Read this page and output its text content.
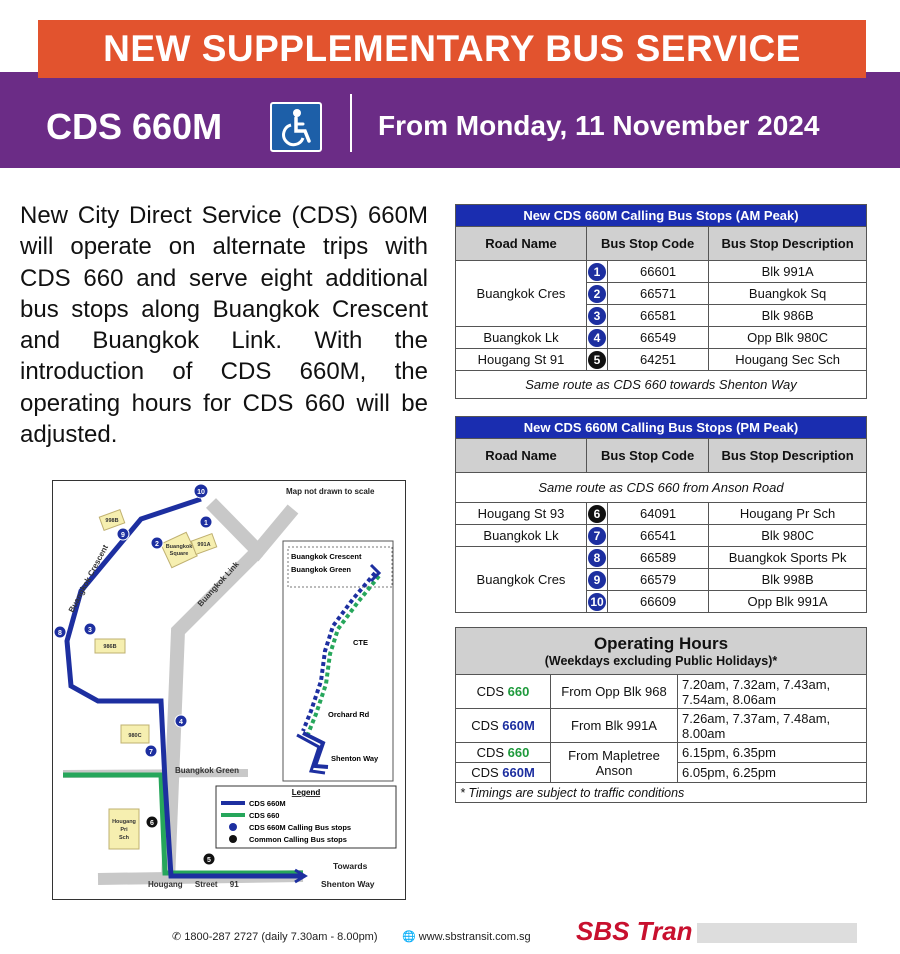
NEW SUPPLEMENTARY BUS SERVICE
CDS 660M	From Monday, 11 November 2024
New City Direct Service (CDS) 660M will operate on alternate trips with CDS 660 and serve eight additional bus stops along Buangkok Crescent and Buangkok Link. With the introduction of CDS 660M, the operating hours for CDS 660 will be adjusted.
New CDS 660M Calling Bus Stops (AM Peak)			
Road Name	Bus Stop Code		Bus Stop Description
Buangkok Cres	1	66601	Blk 991A
	2	66571	Buangkok Sq
	3	66581	Blk 986B
Buangkok Lk	4	66549	Opp Blk 980C
Hougang St 91	5	64251	Hougang Sec Sch
Same route as CDS 660 towards Shenton Way			
New CDS 660M Calling Bus Stops (PM Peak)			
Road Name	Bus Stop Code		Bus Stop Description
Same route as CDS 660 from Anson Road			
Hougang St 93	6	64091	Hougang Pr Sch
Buangkok Lk	7	66541	Blk 980C
Buangkok Cres	8	66589	Buangkok Sports Pk
	9	66579	Blk 998B
	10	66609	Opp Blk 991A
Operating Hours
(Weekdays excluding Public Holidays)*		

CDS 660	From Opp Blk 968	7.20am, 7.32am, 7.43am, 7.54am, 8.06am
CDS 660M	From Blk 991A	7.26am, 7.37am, 7.48am, 8.00am
CDS 660	From Mapletree Anson	6.15pm, 6.35pm
CDS 660M		6.05pm, 6.25pm
* Timings are subject to traffic conditions		
998B
Buangkok
Square
991A
986B
980C
Hougang
Pri
Sch
Buangkok Crescent	Buangkok Link
Buangkok Green
Hougang Street 91
Map not drawn to scale
Towards
Shenton Way
Buangkok Crescent
Buangkok Green
CTE
Orchard Rd
Shenton Way
10
9
1
2
8	3
4
7
6
5
Legend
CDS 660M
CDS 660
CDS 660M Calling Bus stops
Common Calling Bus stops
✆ 1800-287 2727 (daily 7.30am - 8.00pm) 🌐 www.sbstransit.com.sg SBS Tran
